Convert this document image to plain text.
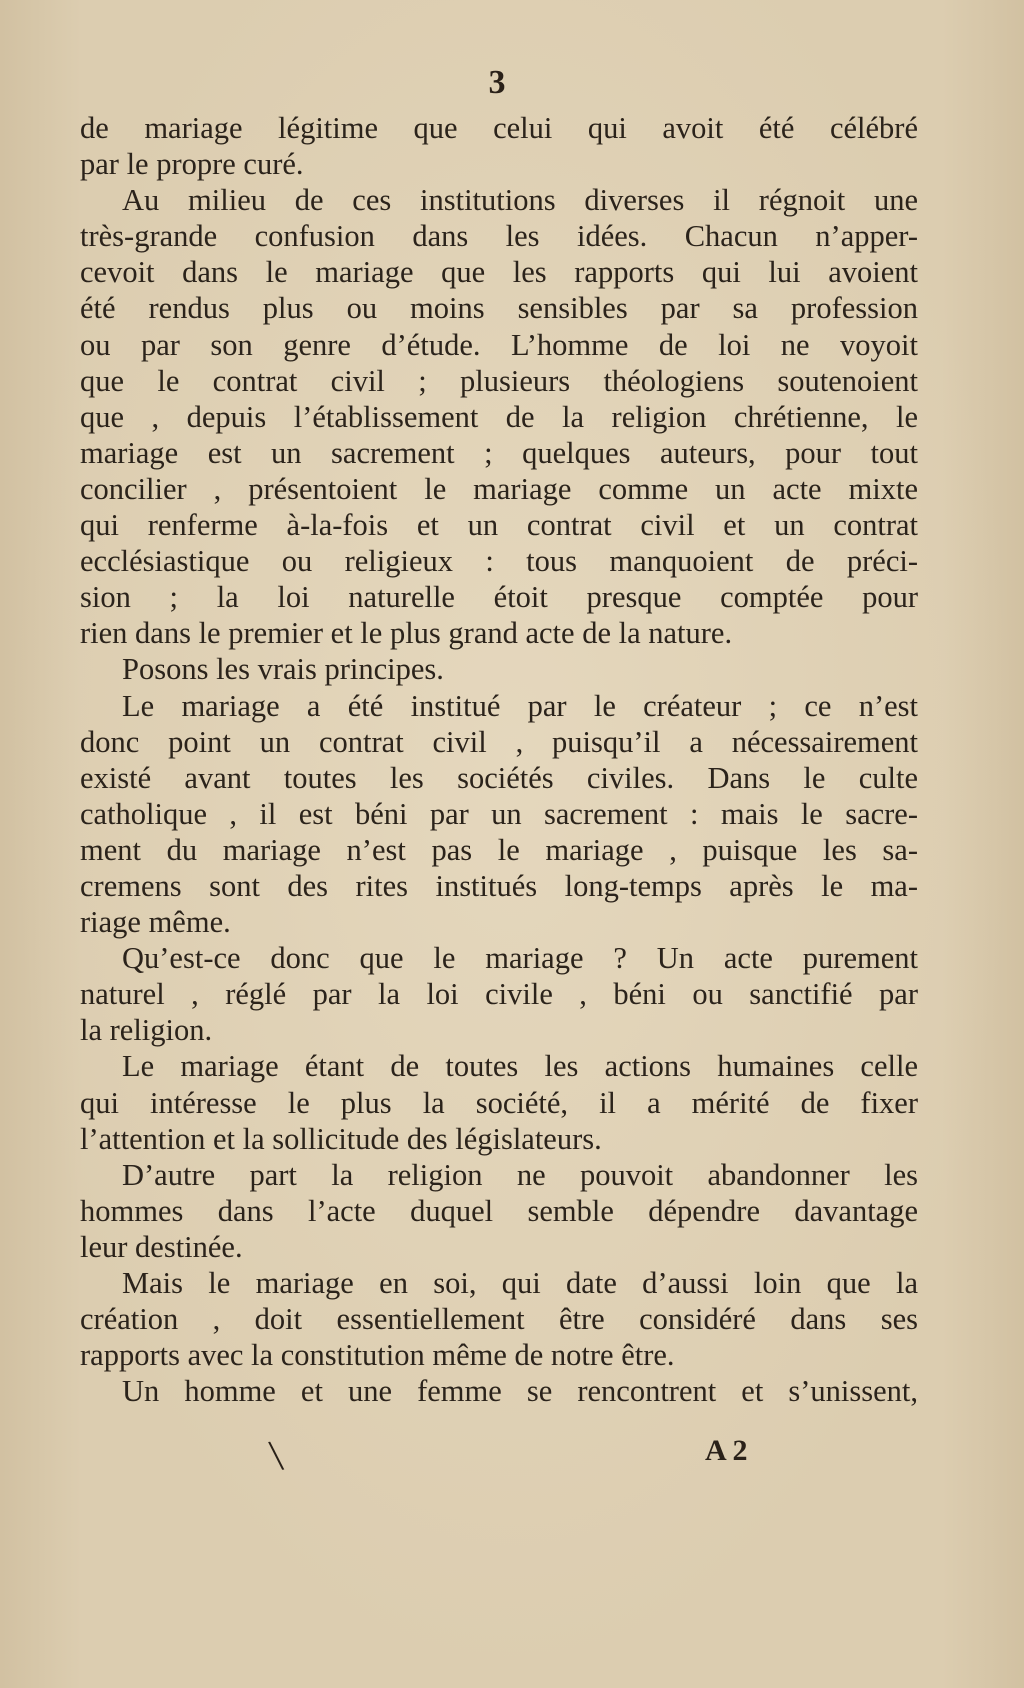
3
de mariage légitime que celui qui avoit été célébré
par le propre curé.
Au milieu de ces institutions diverses il régnoit une
très-grande confusion dans les idées. Chacun n’apper-
cevoit dans le mariage que les rapports qui lui avoient
été rendus plus ou moins sensibles par sa profession
ou par son genre d’étude. L’homme de loi ne voyoit
que le contrat civil ; plusieurs théologiens soutenoient
que , depuis l’établissement de la religion chrétienne, le
mariage est un sacrement ; quelques auteurs, pour tout
concilier , présentoient le mariage comme un acte mixte
qui renferme à-la-fois et un contrat civil et un contrat
ecclésiastique ou religieux : tous manquoient de préci-
sion ; la loi naturelle étoit presque comptée pour
rien dans le premier et le plus grand acte de la nature.
Posons les vrais principes.
Le mariage a été institué par le créateur ; ce n’est
donc point un contrat civil , puisqu’il a nécessairement
existé avant toutes les sociétés civiles. Dans le culte
catholique , il est béni par un sacrement : mais le sacre-
ment du mariage n’est pas le mariage , puisque les sa-
cremens sont des rites institués long-temps après le ma-
riage même.
Qu’est-ce donc que le mariage ? Un acte purement
naturel , réglé par la loi civile , béni ou sanctifié par
la religion.
Le mariage étant de toutes les actions humaines celle
qui intéresse le plus la société, il a mérité de fixer
l’attention et la sollicitude des législateurs.
D’autre part la religion ne pouvoit abandonner les
hommes dans l’acte duquel semble dépendre davantage
leur destinée.
Mais le mariage en soi, qui date d’aussi loin que la
création , doit essentiellement être considéré dans ses
rapports avec la constitution même de notre être.
Un homme et une femme se rencontrent et s’unissent,
\	A 2
